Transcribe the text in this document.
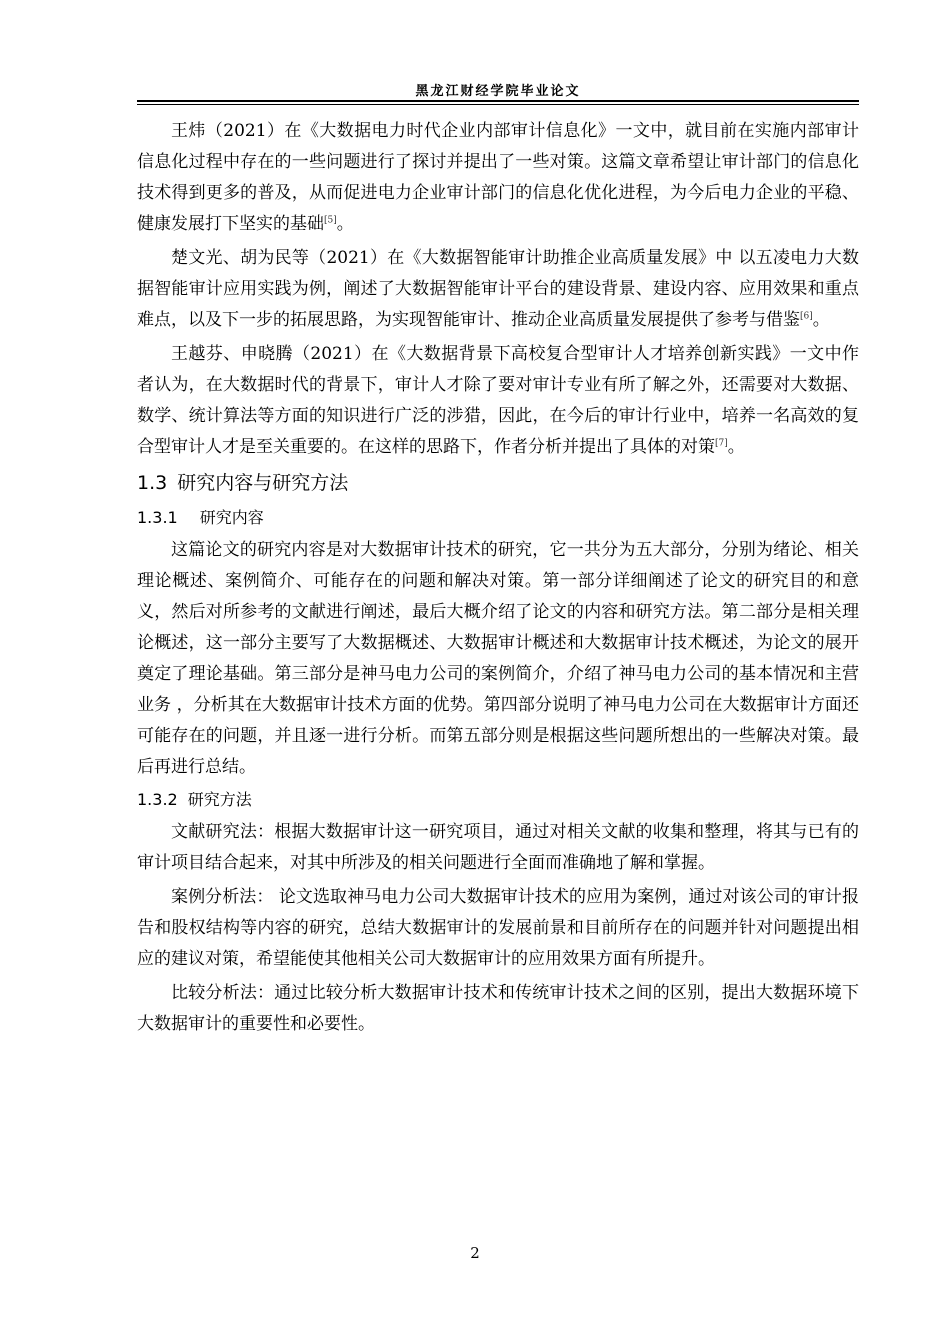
黑龙江财经学院毕业论文

王炜（2021）在《大数据电力时代企业内部审计信息化》一文中，就目前在实施内部审计信息化过程中存在的一些问题进行了探讨并提出了一些对策。这篇文章希望让审计部门的信息化技术得到更多的普及，从而促进电力企业审计部门的信息化优化进程，为今后电力企业的平稳、健康发展打下坚实的基础[5]。

楚文光、胡为民等（2021）在《大数据智能审计助推企业高质量发展》中 以五凌电力大数据智能审计应用实践为例，阐述了大数据智能审计平台的建设背景、建设内容、应用效果和重点难点，以及下一步的拓展思路，为实现智能审计、推动企业高质量发展提供了参考与借鉴[6]。

王越芬、申晓腾（2021）在《大数据背景下高校复合型审计人才培养创新实践》一文中作者认为，在大数据时代的背景下，审计人才除了要对审计专业有所了解之外，还需要对大数据、数学、统计算法等方面的知识进行广泛的涉猎，因此，在今后的审计行业中，培养一名高效的复合型审计人才是至关重要的。在这样的思路下，作者分析并提出了具体的对策[7]。

1.3 研究内容与研究方法
1.3.1 研究内容

这篇论文的研究内容是对大数据审计技术的研究，它一共分为五大部分，分别为绪论、相关理论概述、案例简介、可能存在的问题和解决对策。第一部分详细阐述了论文的研究目的和意义，然后对所参考的文献进行阐述，最后大概介绍了论文的内容和研究方法。第二部分是相关理论概述，这一部分主要写了大数据概述、大数据审计概述和大数据审计技术概述，为论文的展开奠定了理论基础。第三部分是神马电力公司的案例简介，介绍了神马电力公司的基本情况和主营业务 ，分析其在大数据审计技术方面的优势。第四部分说明了神马电力公司在大数据审计方面还可能存在的问题，并且逐一进行分析。而第五部分则是根据这些问题所想出的一些解决对策。最后再进行总结。

1.3.2 研究方法

文献研究法：根据大数据审计这一研究项目，通过对相关文献的收集和整理，将其与已有的审计项目结合起来，对其中所涉及的相关问题进行全面而准确地了解和掌握。

案例分析法： 论文选取神马电力公司大数据审计技术的应用为案例，通过对该公司的审计报告和股权结构等内容的研究，总结大数据审计的发展前景和目前所存在的问题并针对问题提出相应的建议对策，希望能使其他相关公司大数据审计的应用效果方面有所提升。

比较分析法：通过比较分析大数据审计技术和传统审计技术之间的区别，提出大数据环境下大数据审计的重要性和必要性。

2
